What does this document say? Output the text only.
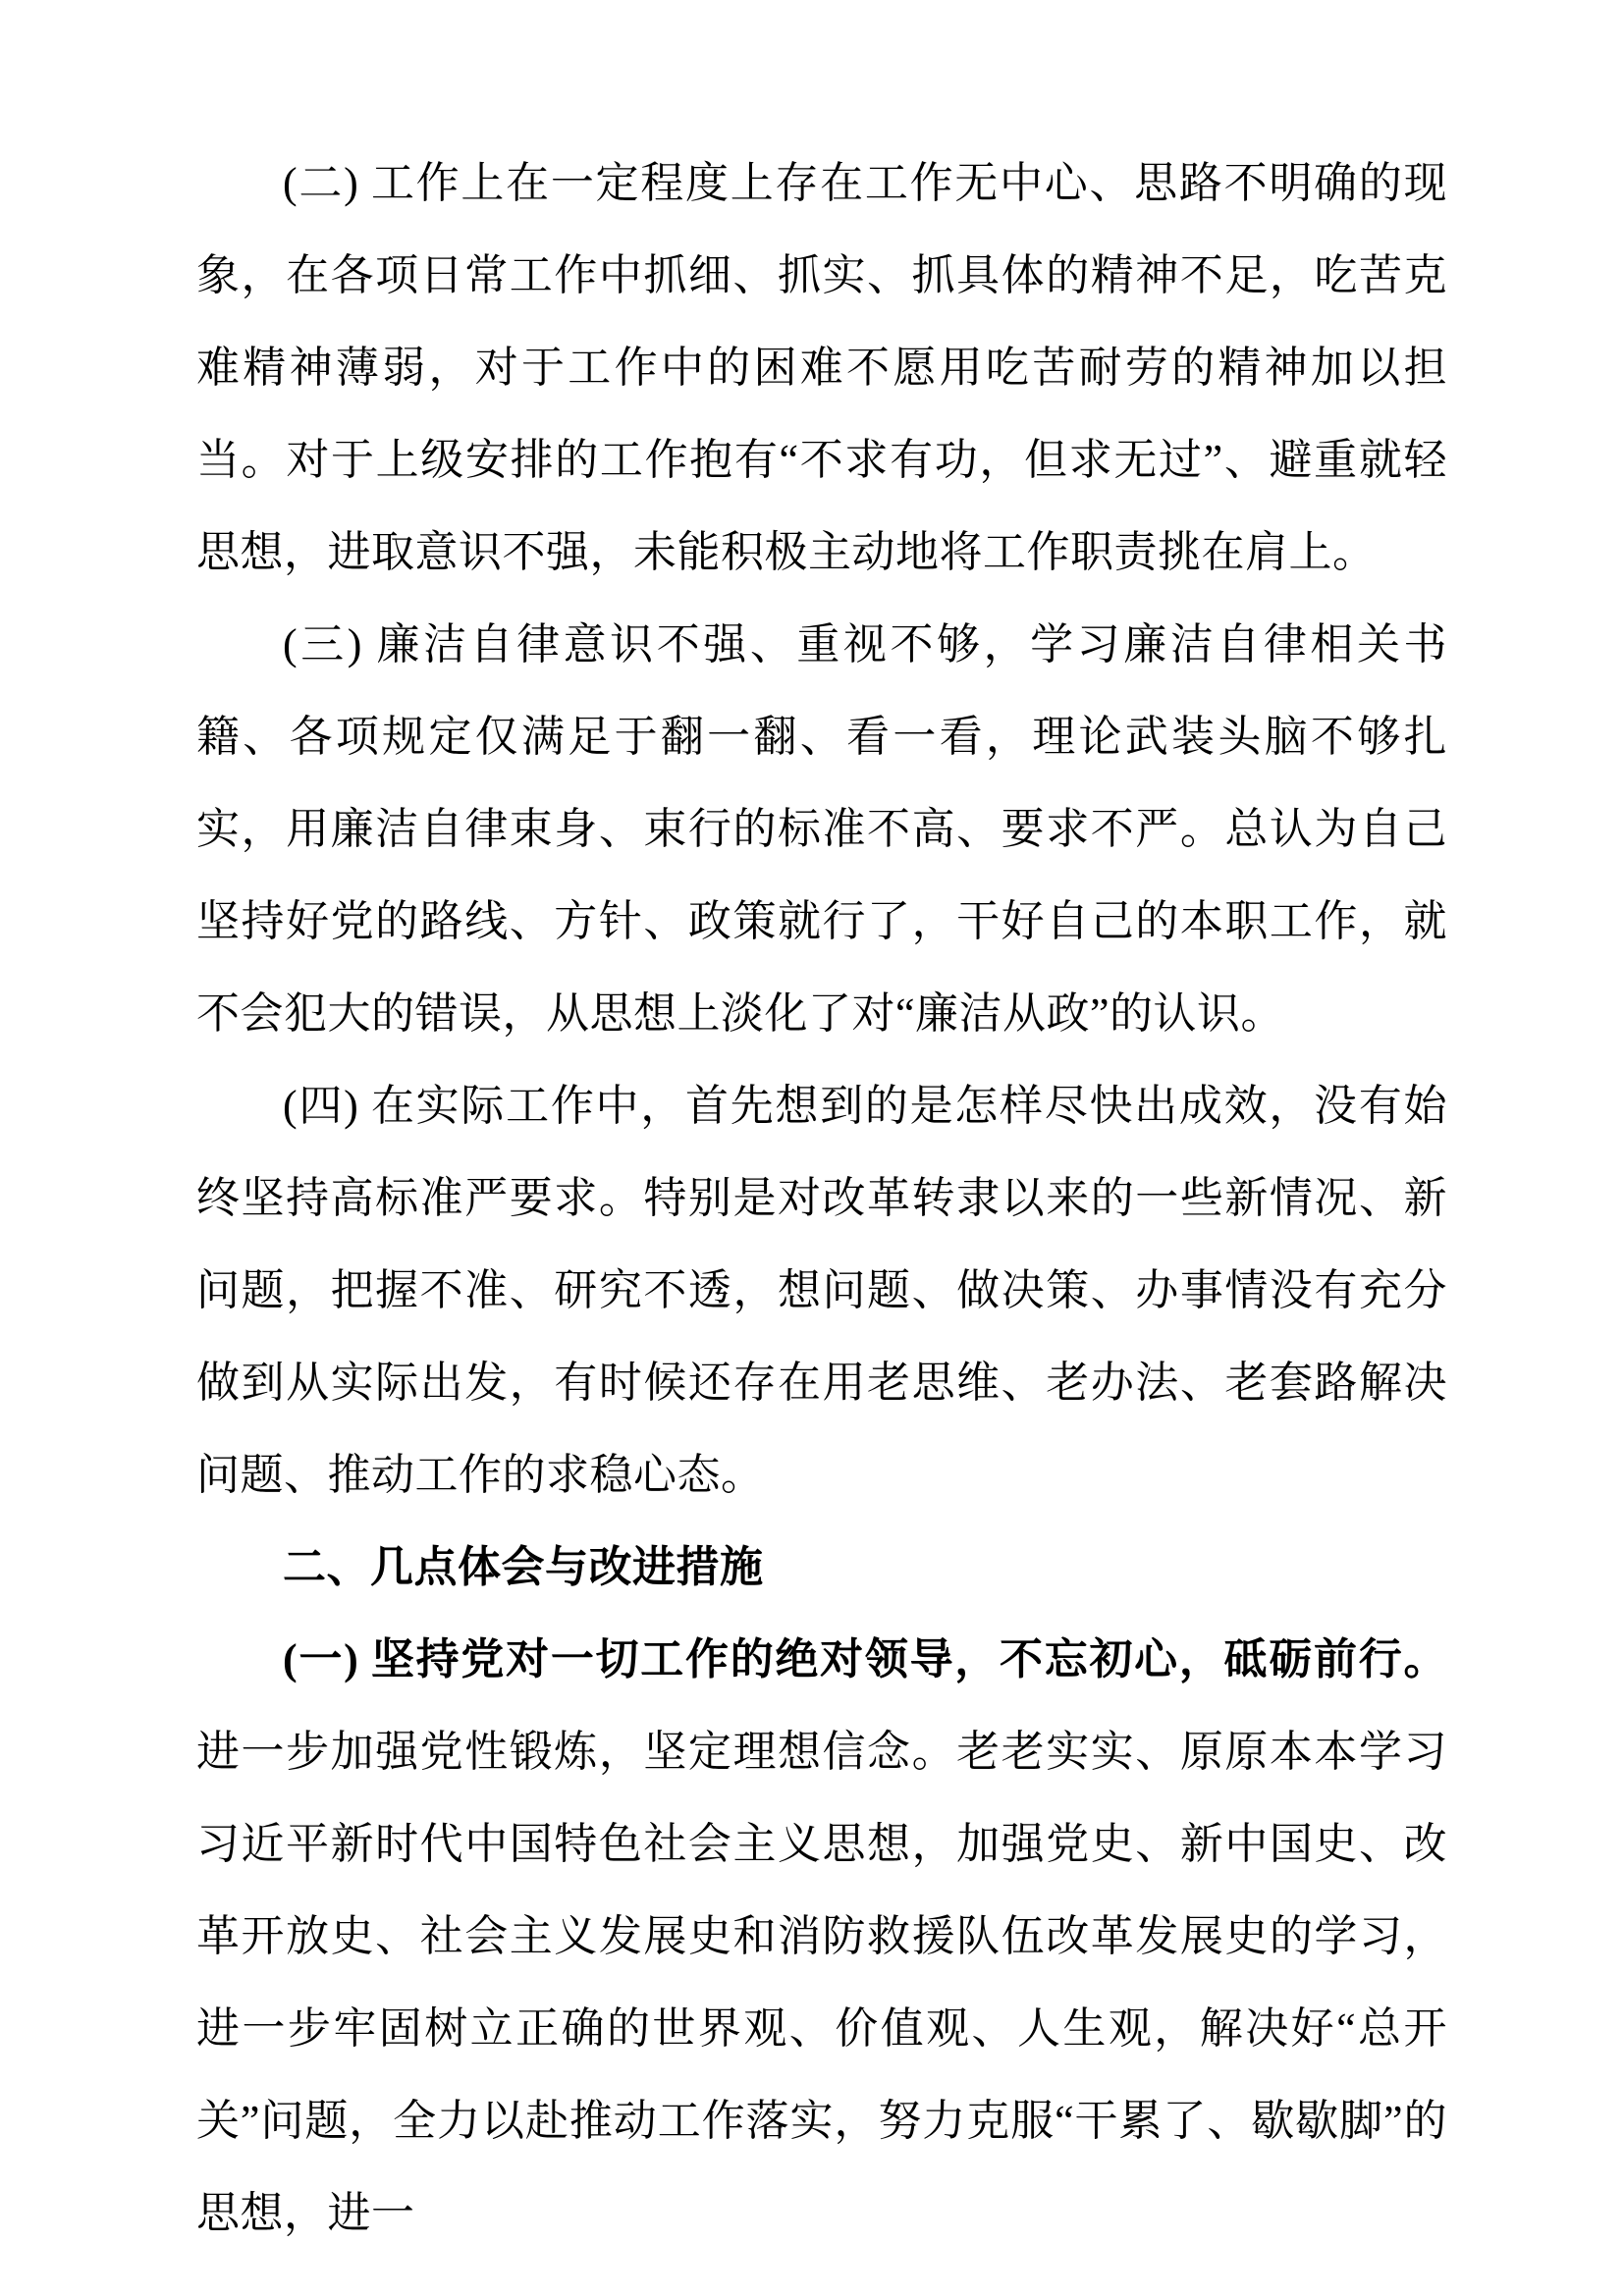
(二) 工作上在一定程度上存在工作无中心、思路不明确的现象，在各项日常工作中抓细、抓实、抓具体的精神不足，吃苦克难精神薄弱，对于工作中的困难不愿用吃苦耐劳的精神加以担当。对于上级安排的工作抱有“不求有功，但求无过”、避重就轻思想，进取意识不强，未能积极主动地将工作职责挑在肩上。

(三) 廉洁自律意识不强、重视不够，学习廉洁自律相关书籍、各项规定仅满足于翻一翻、看一看，理论武装头脑不够扎实，用廉洁自律束身、束行的标准不高、要求不严。总认为自己坚持好党的路线、方针、政策就行了，干好自己的本职工作，就不会犯大的错误，从思想上淡化了对“廉洁从政”的认识。

(四) 在实际工作中，首先想到的是怎样尽快出成效，没有始终坚持高标准严要求。特别是对改革转隶以来的一些新情况、新问题，把握不准、研究不透，想问题、做决策、办事情没有充分做到从实际出发，有时候还存在用老思维、老办法、老套路解决问题、推动工作的求稳心态。

二、几点体会与改进措施

(一) 坚持党对一切工作的绝对领导，不忘初心，砥砺前行。进一步加强党性锻炼，坚定理想信念。老老实实、原原本本学习习近平新时代中国特色社会主义思想，加强党史、新中国史、改革开放史、社会主义发展史和消防救援队伍改革发展史的学习，进一步牢固树立正确的世界观、价值观、人生观，解决好“总开关”问题，全力以赴推动工作落实，努力克服“干累了、歇歇脚”的思想，进一
